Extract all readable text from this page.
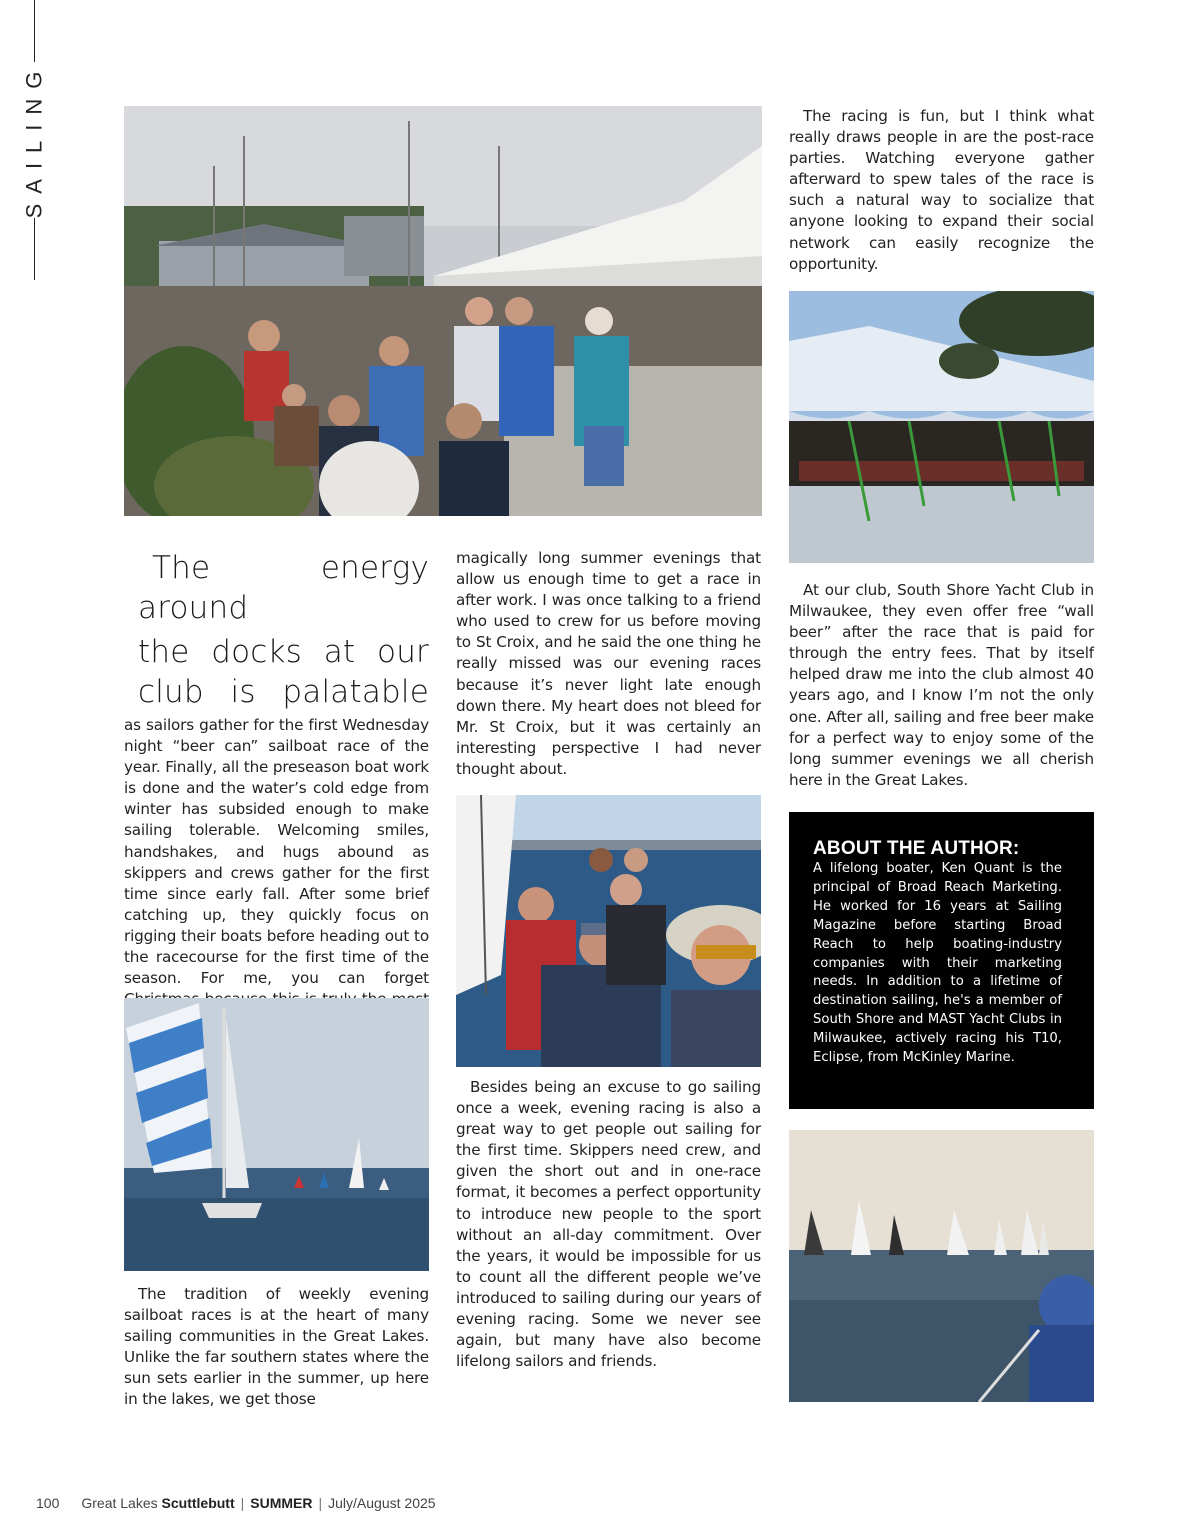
SAILING

The energy around

the docks at our

club is palatable

as sailors gather for the first Wednesday night “beer can” sailboat race of the year. Finally, all the preseason boat work is done and the water’s cold edge from winter has subsided enough to make sailing tolerable. Welcoming smiles, handshakes, and hugs abound as skippers and crews gather for the first time since early fall. After some brief catching up, they quickly focus on rigging their boats before heading out to the racecourse for the first time of the season. For me, you can forget

The tradition of weekly evening sailboat races is at the heart of many sailing communities in the Great Lakes. Unlike the far southern states where the sun sets earlier in the summer, up here in the lakes, we get those

magically long summer evenings that allow us enough time to get a race in after work. I was once talking to a friend who used to crew for us before moving to St Croix, and he said the one thing he really missed was our evening races because it’s never light late enough down there. My heart does not bleed for Mr. St Croix, but it was certainly an interesting perspective I had never thought about.

Besides being an excuse to go sailing once a week, evening racing is also a great way to get people out sailing for the first time. Skippers need crew, and given the short out and in one-race format, it becomes a perfect opportunity to introduce new people to the sport without an all-day commitment. Over the years, it would be impossible for us to count all the different people we’ve introduced to sailing during our years of evening racing. Some we never see again, but many have also become lifelong sailors and friends.

The racing is fun, but I think what really draws people in are the post-race parties. Watching everyone gather afterward to spew tales of the race is such a natural way to socialize that anyone looking to expand their social network can easily recognize the opportunity.

At our club, South Shore Yacht Club in Milwaukee, they even offer free “wall beer” after the race that is paid for through the entry fees. That by itself helped draw me into the club almost 40 years ago, and I know I’m not the only one. After all, sailing and free beer make for a perfect way to enjoy some of the long summer evenings we all cherish here in the Great Lakes.

ABOUT THE AUTHOR:

A lifelong boater, Ken Quant is the principal of Broad Reach Marketing. He worked for 16 years at Sailing Magazine before starting Broad Reach to help boating-industry companies with their marketing needs. In addition to a lifetime of destination sailing, he's a member of South Shore and MAST Yacht Clubs in Milwaukee, actively racing his T10, Eclipse, from McKinley Marine.

100 Great Lakes Scuttlebutt | SUMMER | July/August 2025
